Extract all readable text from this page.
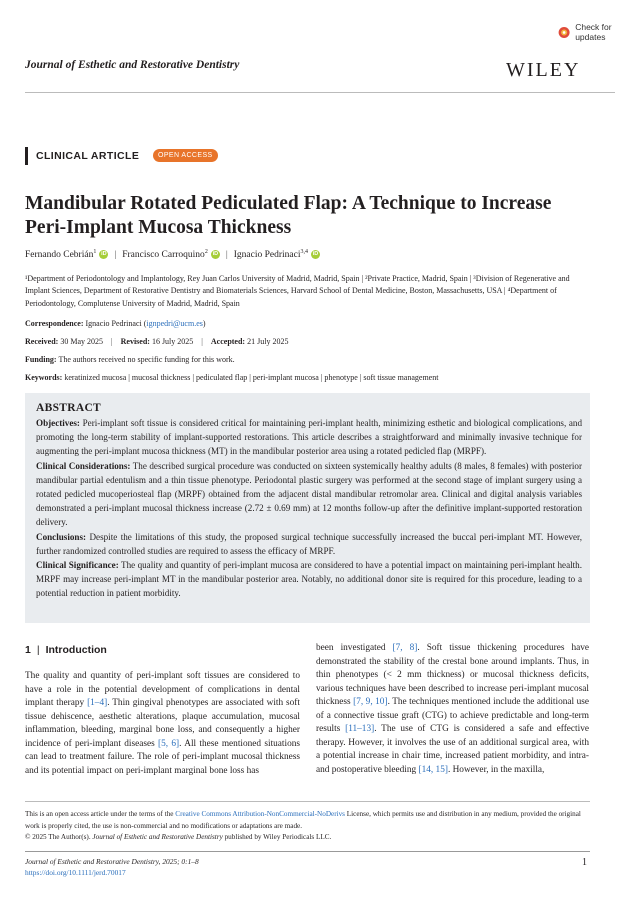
Check for updates
Journal of Esthetic and Restorative Dentistry	WILEY
CLINICAL ARTICLE	OPEN ACCESS
Mandibular Rotated Pediculated Flap: A Technique to Increase Peri-Implant Mucosa Thickness
Fernando Cebrián$^1$ iD | Francisco Carroquino$^2$ iD | Ignacio Pedrinaci$^{3,4}$ iD
¹Department of Periodontology and Implantology, Rey Juan Carlos University of Madrid, Madrid, Spain | ²Private Practice, Madrid, Spain | ³Division of Regenerative and Implant Sciences, Department of Restorative Dentistry and Biomaterials Sciences, Harvard School of Dental Medicine, Boston, Massachusetts, USA | ⁴Department of Periodontology, Complutense University of Madrid, Madrid, Spain
Correspondence: Ignacio Pedrinaci (ignpedri@ucm.es)
Received: 30 May 2025 | Revised: 16 July 2025 | Accepted: 21 July 2025
Funding: The authors received no specific funding for this work.
Keywords: keratinized mucosa | mucosal thickness | pediculated flap | peri-implant mucosa | phenotype | soft tissue management
ABSTRACT

Objectives: Peri-implant soft tissue is considered critical for maintaining peri-implant health, minimizing esthetic and biological complications, and promoting the long-term stability of implant-supported restorations. This article describes a straightforward and minimally invasive technique for augmenting the peri-implant mucosa thickness (MT) in the mandibular posterior area using a rotated pedicled flap (MRPF).

Clinical Considerations: The described surgical procedure was conducted on sixteen systemically healthy adults (8 males, 8 females) with posterior mandibular partial edentulism and a thin tissue phenotype. Periodontal plastic surgery was performed at the second stage of implant surgery using a rotated pedicled mucoperiosteal flap (MRPF) obtained from the adjacent distal mandibular retromolar area. Clinical and digital analysis variables demonstrated a peri-implant mucosal thickness increase (2.72 ± 0.69 mm) at 12 months follow-up after the definitive implant-supported restoration delivery.

Conclusions: Despite the limitations of this study, the proposed surgical technique successfully increased the buccal peri-implant MT. However, further randomized controlled studies are required to assess the efficacy of MRPF.

Clinical Significance: The quality and quantity of peri-implant mucosa are considered to have a potential impact on maintaining peri-implant health. MRPF may increase peri-implant MT in the mandibular posterior area. Notably, no additional donor site is required for this procedure, leading to a potential reduction in patient morbidity.

1 | Introduction
The quality and quantity of peri-implant soft tissues are considered to have a role in the potential development of complications in dental implant therapy [1–4]. Thin gingival phenotypes are associated with soft tissue dehiscence, aesthetic alterations, plaque accumulation, mucosal inflammation, bleeding, marginal bone loss, and consequently a higher incidence of peri-implant diseases [5, 6]. All these mentioned situations can lead to treatment failure. The role of peri-implant mucosal thickness and its potential impact on peri-implant marginal bone loss has
been investigated [7, 8]. Soft tissue thickening procedures have demonstrated the stability of the crestal bone around implants. Thus, in thin phenotypes (< 2 mm thickness) or mucosal thickness deficits, various techniques have been described to increase peri-implant mucosal thickness [7, 9, 10]. The techniques mentioned include the additional use of a connective tissue graft (CTG) to achieve predictable and long-term results [11–13]. The use of CTG is considered a safe and effective therapy. However, it involves the use of an additional surgical area, with a potential increase in chair time, increased patient morbidity, and intra- and postoperative bleeding [14, 15]. However, in the maxilla,
This is an open access article under the terms of the Creative Commons Attribution-NonCommercial-NoDerivs License, which permits use and distribution in any medium, provided the original work is properly cited, the use is non-commercial and no modifications or adaptations are made.
© 2025 The Author(s). Journal of Esthetic and Restorative Dentistry published by Wiley Periodicals LLC.
Journal of Esthetic and Restorative Dentistry, 2025; 0:1–8
https://doi.org/10.1111/jerd.70017
1
